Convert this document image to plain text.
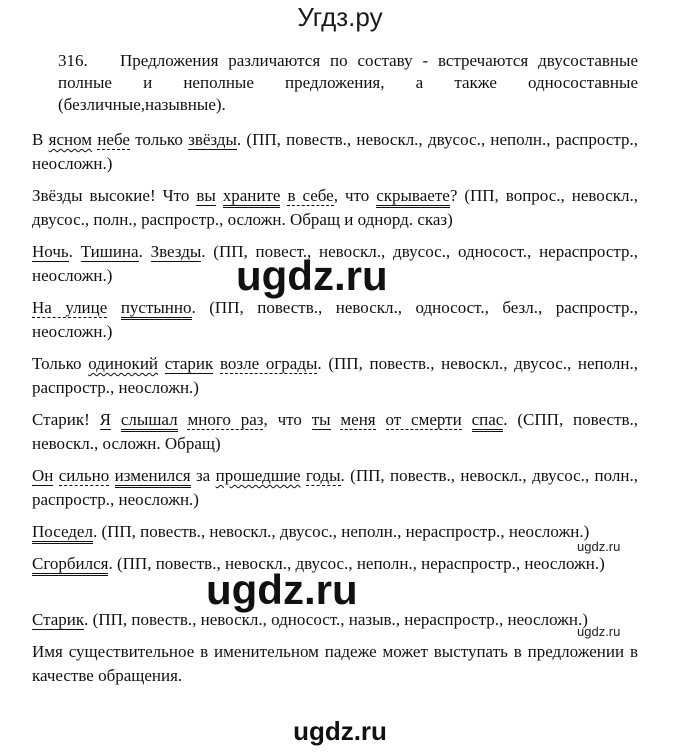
Угдз.ру
316. Предложения различаются по составу - встречаются двусоставные полные и неполные предложения, а также односоставные (безличные,назывные).
В ясном небе только звёзды. (ПП, повеств., невоскл., двусос., неполн., распростр., неосложн.)
Звёзды высокие! Что вы храните в себе, что скрываете? (ПП, вопрос., невоскл., двусос., полн., распростр., осложн. Обращ и однорд. сказ)
Ночь. Тишина. Звезды. (ПП, повест., невоскл., двусос., односост., нераспростр., неосложн.)
На улице пустынно. (ПП, повеств., невоскл., односост., безл., распростр., неосложн.)
Только одинокий старик возле ограды. (ПП, повеств., невоскл., двусос., неполн., распростр., неосложн.)
Старик! Я слышал много раз, что ты меня от смерти спас. (СПП, повеств., невоскл., осложн. Обращ)
Он сильно изменился за прошедшие годы. (ПП, повеств., невоскл., двусос., полн., распростр., неосложн.)
Поседел. (ПП, повеств., невоскл., двусос., неполн., нераспростр., неосложн.)
Сгорбился. (ПП, повеств., невоскл., двусос., неполн., нераспростр., неосложн.)
Старик. (ПП, повеств., невоскл., односост., назыв., нераспростр., неосложн.)
Имя существительное в именительном падеже может выступать в предложении в качестве обращения.
ugdz.ru
ugdz.ru
ugdz.ru
ugdz.ru
ugdz.ru
